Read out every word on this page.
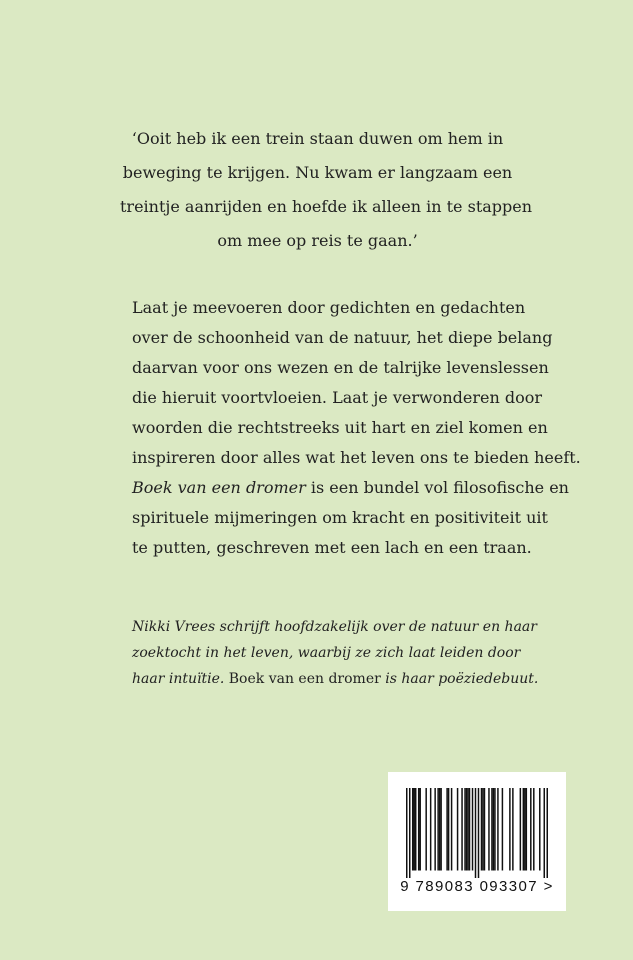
‘Ooit heb ik een trein staan duwen om hem in
beweging te krijgen. Nu kwam er langzaam een
treintje aanrijden en hoefde ik alleen in te stappen
om mee op reis te gaan.’
Laat je meevoeren door gedichten en gedachten
over de schoonheid van de natuur, het diepe belang
daarvan voor ons wezen en de talrijke levenslessen
die hieruit voortvloeien. Laat je verwonderen door
woorden die rechtstreeks uit hart en ziel komen en
inspireren door alles wat het leven ons te bieden heeft.
Boek van een dromer is een bundel vol filosofische en
spirituele mijmeringen om kracht en positiviteit uit
te putten, geschreven met een lach en een traan.
Nikki Vrees schrijft hoofdzakelijk over de natuur en haar
zoektocht in het leven, waarbij ze zich laat leiden door
haar intuïtie. Boek van een dromer is haar poëziedebuut.
9 789083 093307 >
